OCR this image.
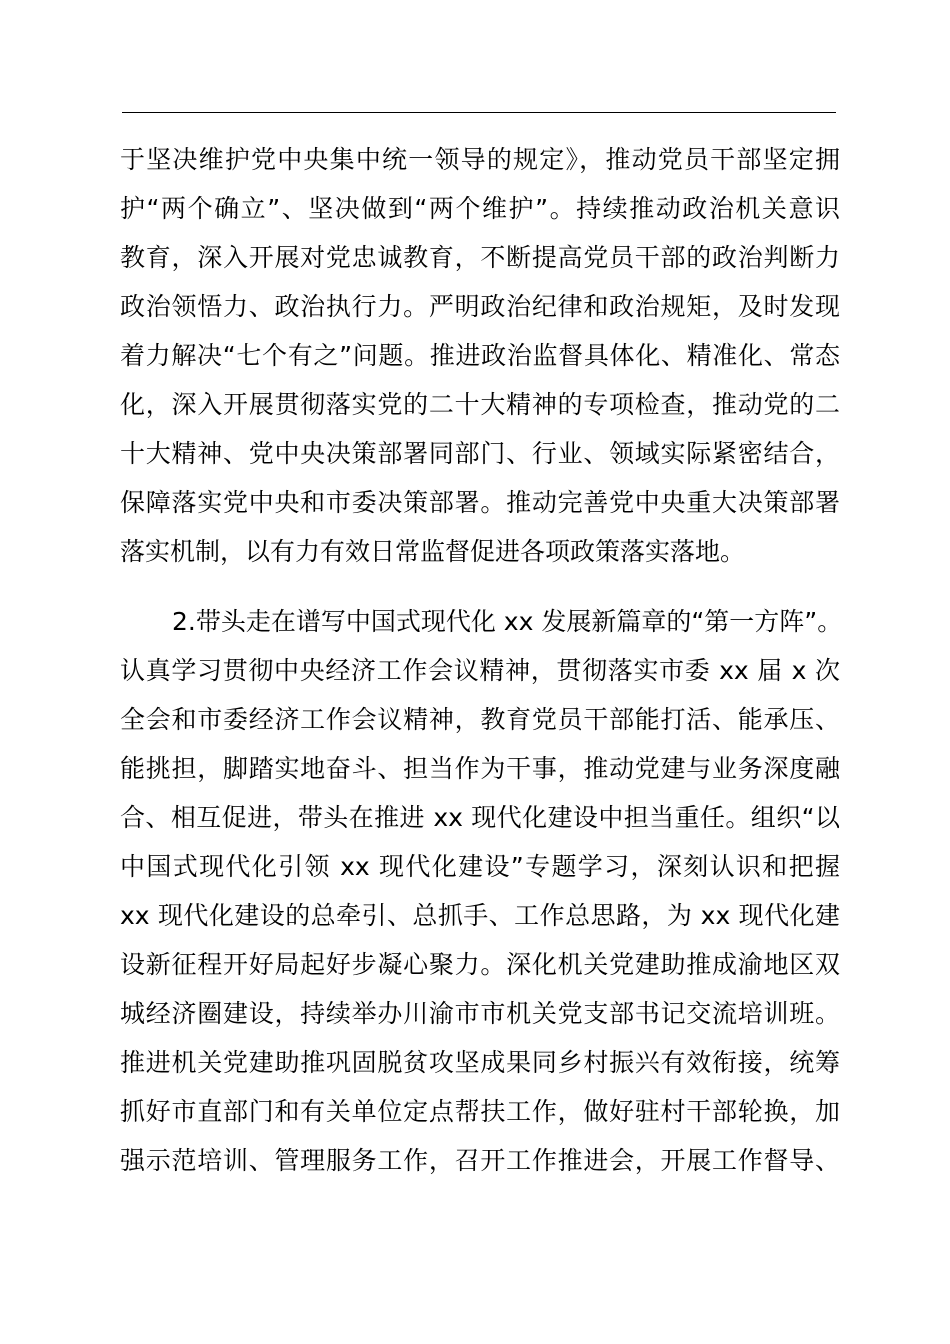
于坚决维护党中央集中统一领导的规定》，推动党员干部坚定拥
护“两个确立”、坚决做到“两个维护”。持续推动政治机关意识
教育，深入开展对党忠诚教育，不断提高党员干部的政治判断力
政治领悟力、政治执行力。严明政治纪律和政治规矩，及时发现
着力解决“七个有之”问题。推进政治监督具体化、精准化、常态
化，深入开展贯彻落实党的二十大精神的专项检查，推动党的二
十大精神、党中央决策部署同部门、行业、领域实际紧密结合，
保障落实党中央和市委决策部署。推动完善党中央重大决策部署
落实机制，以有力有效日常监督促进各项政策落实落地。
2.带头走在谱写中国式现代化 xx 发展新篇章的“第一方阵”。
认真学习贯彻中央经济工作会议精神，贯彻落实市委 xx 届 x 次
全会和市委经济工作会议精神，教育党员干部能打活、能承压、
能挑担，脚踏实地奋斗、担当作为干事，推动党建与业务深度融
合、相互促进，带头在推进 xx 现代化建设中担当重任。组织“以
中国式现代化引领 xx 现代化建设”专题学习，深刻认识和把握
xx 现代化建设的总牵引、总抓手、工作总思路，为 xx 现代化建
设新征程开好局起好步凝心聚力。深化机关党建助推成渝地区双
城经济圈建设，持续举办川渝市市机关党支部书记交流培训班。
推进机关党建助推巩固脱贫攻坚成果同乡村振兴有效衔接，统筹
抓好市直部门和有关单位定点帮扶工作，做好驻村干部轮换，加
强示范培训、管理服务工作，召开工作推进会，开展工作督导、
